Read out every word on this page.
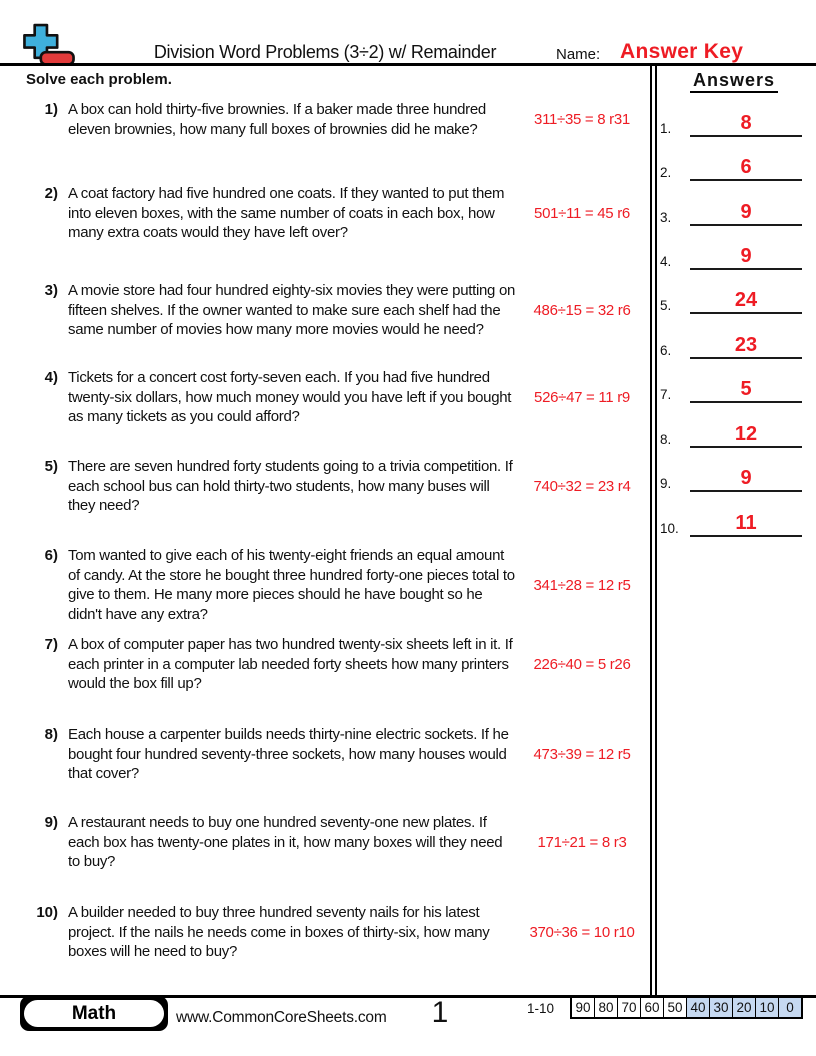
Division Word Problems (3÷2) w/ Remainder	Name: Answer Key
Solve each problem.
1) A box can hold thirty-five brownies. If a baker made three hundred eleven brownies, how many full boxes of brownies did he make?
311÷35 = 8 r31
2) A coat factory had five hundred one coats. If they wanted to put them into eleven boxes, with the same number of coats in each box, how many extra coats would they have left over?
501÷11 = 45 r6
3) A movie store had four hundred eighty-six movies they were putting on fifteen shelves. If the owner wanted to make sure each shelf had the same number of movies how many more movies would he need?
486÷15 = 32 r6
4) Tickets for a concert cost forty-seven each. If you had five hundred twenty-six dollars, how much money would you have left if you bought as many tickets as you could afford?
526÷47 = 11 r9
5) There are seven hundred forty students going to a trivia competition. If each school bus can hold thirty-two students, how many buses will they need?
740÷32 = 23 r4
6) Tom wanted to give each of his twenty-eight friends an equal amount of candy. At the store he bought three hundred forty-one pieces total to give to them. He many more pieces should he have bought so he didn't have any extra?
341÷28 = 12 r5
7) A box of computer paper has two hundred twenty-six sheets left in it. If each printer in a computer lab needed forty sheets how many printers would the box fill up?
226÷40 = 5 r26
8) Each house a carpenter builds needs thirty-nine electric sockets. If he bought four hundred seventy-three sockets, how many houses would that cover?
473÷39 = 12 r5
9) A restaurant needs to buy one hundred seventy-one new plates. If each box has twenty-one plates in it, how many boxes will they need to buy?
171÷21 = 8 r3
10) A builder needed to buy three hundred seventy nails for his latest project. If the nails he needs come in boxes of thirty-six, how many boxes will he need to buy?
370÷36 = 10 r10
Answers
1.	8
2.	6
3.	9
4.	9
5.	24
6.	23
7.	5
8.	12
9.	9
10.	11
Math	www.CommonCoreSheets.com	1	1-10 90 80 70 60 50 40 30 20 10 0
